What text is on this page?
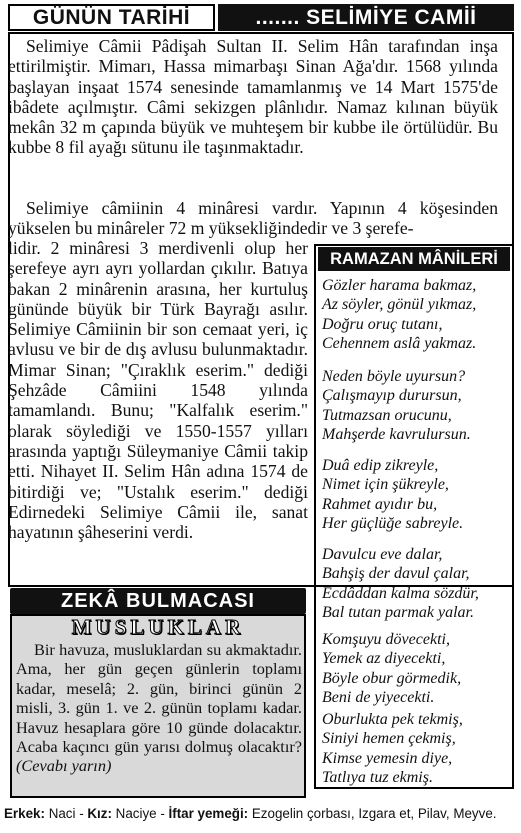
GÜNÜN TARİHİ	....... SELİMİYE CAMİİ

Selimiye Câmii Pâdişah Sultan II. Selim Hân tarafından inşa ettirilmiştir. Mimarı, Hassa mimarbaşı Sinan Ağa'dır. 1568 yılında başlayan inşaat 1574 senesinde tamamlanmış ve 14 Mart 1575'de ibâdete açılmıştır. Câmi sekizgen plânlıdır. Namaz kılınan büyük mekân 32 m çapında büyük ve muhteşem bir kubbe ile örtülüdür. Bu kubbe 8 fil ayağı sütunu ile taşınmaktadır.

Selimiye câmiinin 4 minâresi vardır. Yapının 4 köşesinden yükselen bu minâreler 72 m yüksekliğindedir ve 3 şerefe-

lidir. 2 minâresi 3 merdivenli olup her şerefeye ayrı ayrı yollardan çıkılır. Batıya bakan 2 minârenin arasına, her kurtuluş gününde büyük bir Türk Bayrağı asılır. Selimiye Câmiinin bir son cemaat yeri, iç avlusu ve bir de dış avlusu bulunmaktadır. Mimar Sinan; "Çıraklık eserim." dediği Şehzâde Câmiini 1548 yılında tamamlandı. Bunu; "Kalfalık eserim." olarak söylediği ve 1550-1557 yılları arasında yaptığı Süleymaniye Câmii takip etti. Nihayet II. Selim Hân adına 1574 de bitirdiği ve; "Ustalık eserim." dediği Edirnedeki Selimiye Câmii ile, sanat hayatının şâheserini verdi.

RAMAZAN MÂNİLERİ
Gözler harama bakmaz,
Az söyler, gönül yıkmaz,
Doğru oruç tutanı,
Cehennem aslâ yakmaz.
Neden böyle uyursun?
Çalışmayıp durursun,
Tutmazsan orucunu,
Mahşerde kavrulursun.
Duâ edip zikreyle,
Nimet için şükreyle,
Rahmet ayıdır bu,
Her güçlüğe sabreyle.
Davulcu eve dalar,
Bahşiş der davul çalar,
Ecdâddan kalma sözdür,
Bal tutan parmak yalar.
Komşuyu dövecekti,
Yemek az diyecekti,
Böyle obur görmedik,
Beni de yiyecekti.
Oburlukta pek tekmiş,
Siniyi hemen çekmiş,
Kimse yemesin diye,
Tatlıya tuz ekmiş.
ZEKÂ BULMACASI
MUSLUKLAR

Bir havuza, musluklardan su akmaktadır. Ama, her gün geçen günlerin toplamı kadar, meselâ; 2. gün, birinci günün 2 misli, 3. gün 1. ve 2. günün toplamı kadar. Havuz hesaplara göre 10 günde dolacaktır. Acaba kaçıncı gün yarısı dolmuş olacaktır? (Cevabı yarın)

Erkek: Naci - Kız: Naciye - İftar yemeği: Ezogelin çorbası, Izgara et, Pilav, Meyve.
